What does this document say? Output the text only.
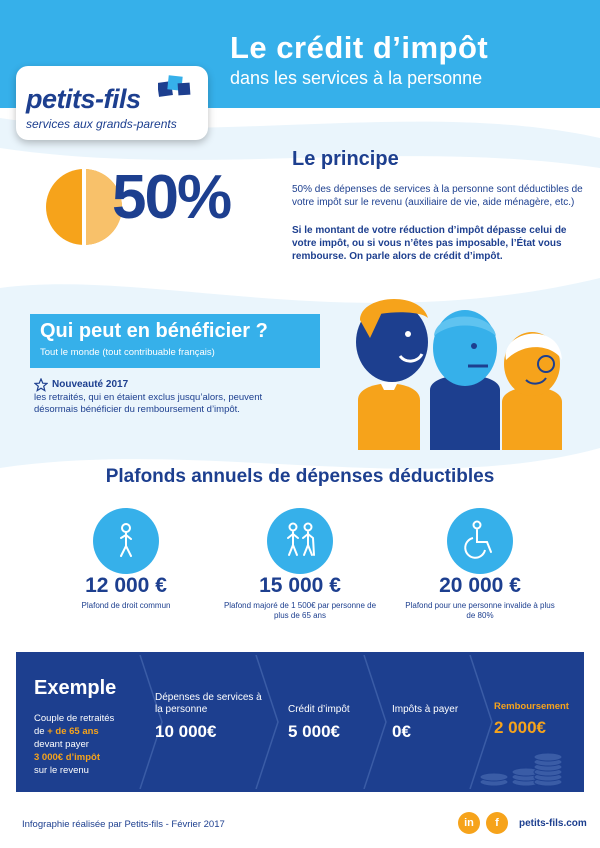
Le crédit d’impôt
dans les services à la personne
petits-fils
services aux grands-parents
50%
Le principe
50% des dépenses de services à la personne sont déductibles de votre impôt sur le revenu (auxiliaire de vie, aide ménagère, etc.)
Si le montant de votre réduction d’impôt dépasse celui de votre impôt, ou si vous n’êtes pas imposable, l’État vous rembourse. On parle alors de crédit d’impôt.
Qui peut en bénéficier ?
Tout le monde (tout contribuable français)
Nouveauté 2017
les retraités, qui en étaient exclus jusqu’alors, peuvent désormais bénéficier du remboursement d’impôt.
Plafonds annuels de dépenses déductibles
12 000 €
Plafond de droit commun
15 000 €
Plafond majoré de 1 500€ par personne de plus de 65 ans
20 000 €
Plafond pour une personne invalide à plus de 80%
Exemple
Couple de retraités
de + de 65 ans
devant payer
3 000€ d’impôt
sur le revenu
Dépenses de services à la personne
10 000€
Crédit d’impôt
5 000€
Impôts à payer
0€
Remboursement
2 000€
Infographie réalisée par Petits-fils - Février 2017	in	f	petits-fils.com
